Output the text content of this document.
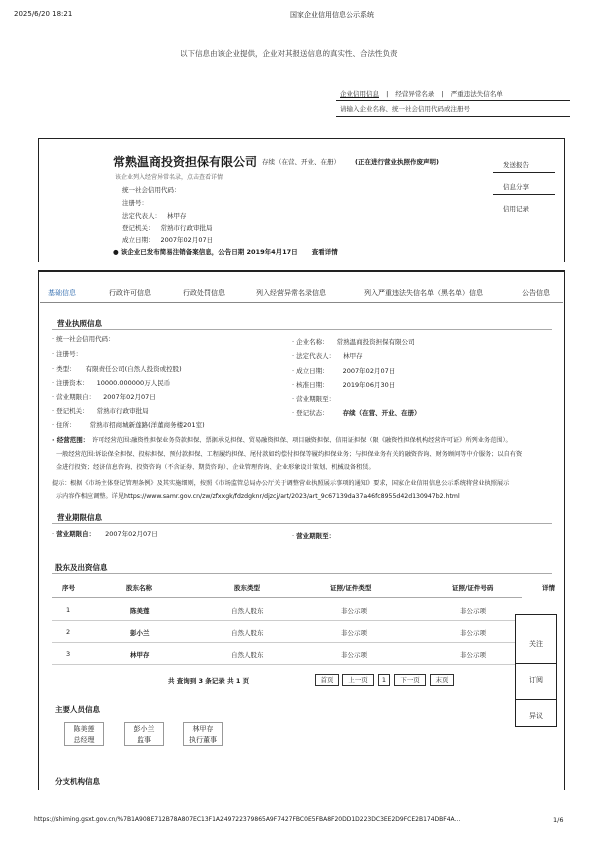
2025/6/20 18:21	国家企业信用信息公示系统
以下信息由该企业提供，企业对其报送信息的真实性、合法性负责
企业信用信息 | 经营异常名录 | 严重违法失信名单
请输入企业名称、统一社会信用代码或注册号
常熟温商投资担保有限公司 存续（在营、开业、在册） (正在进行营业执照作废声明)
该企业列入经营异常名录，点击查看详情
统一社会信用代码：
注册号：
法定代表人： 林甲存
登记机关： 常熟市行政审批局
成立日期： 2007年02月07日
● 该企业已发布简易注销备案信息，公告日期 2019年4月17日 查看详情
发送报告
信息分享
信用记录
基础信息	行政许可信息	行政处罚信息	列入经营异常名录信息	列入严重违法失信名单（黑名单）信息	公告信息
营业执照信息
· 统一社会信用代码：
· 注册号：
· 类型： 有限责任公司(自然人投资或控股)
· 注册资本： 10000.000000万人民币
· 营业期限自： 2007年02月07日
· 登记机关： 常熟市行政审批局
· 住所： 常熟市招商城新莲路(洋董商务楼201室)
· 企业名称： 常熟温商投资担保有限公司
· 法定代表人： 林甲存
· 成立日期： 2007年02月07日
· 核准日期： 2019年06月30日
· 营业期限至：
· 登记状态： 存续（在营、开业、在册）
· 经营范围： 许可经营范围:融资性担保业务贷款担保、票据承兑担保、贸易融资担保、项目融资担保、信用证担保（限《融资性担保机构经营许可证》所列业务范围）。
一般经营范围:诉讼保全担保、投标担保、预付款担保、工程履约担保、尾付款如约偿付担保等履约担保业务；与担保业务有关的融资咨询、财务顾问等中介服务；以自有资
金进行投资；经济信息咨询、投资咨询（不含证券、期货咨询）、企业管理咨询、企业形象设计策划、机械设备租赁。
提示： 根据《市场主体登记管理条例》及其实施细则，按照《市场监管总局办公厅关于调整营业执照展示事项的通知》要求，国家企业信用信息公示系统将营业执照展示
示内容作相应调整。详见https://www.samr.gov.cn/zw/zfxxgk/fdzdgknr/djzcj/art/2023/art_9c67139da37a46fc8955d42d130947b2.html
营业期限信息
· 营业期限自： 2007年02月07日	· 营业期限至：
股东及出资信息
序号	股东名称	股东类型	证照/证件类型	证照/证件号码	详情
1	陈美莲	自然人股东	非公示项	非公示项
2	彭小兰	自然人股东	非公示项	非公示项
3	林甲存	自然人股东	非公示项	非公示项
共 查询到 3 条记录 共 1 页	首页	上一页	1	下一页	末页
关注
订阅
异议
主要人员信息
陈美莲
总经理
彭小兰
监事
林甲存
执行董事
分支机构信息
https://shiming.gsxt.gov.cn/%7B1A908E712B78A807EC13F1A249722379865A9F7427FBC0E5FBA8F20DD1D223DC3EE2D9FCE2B174DBF4A...	1/6
